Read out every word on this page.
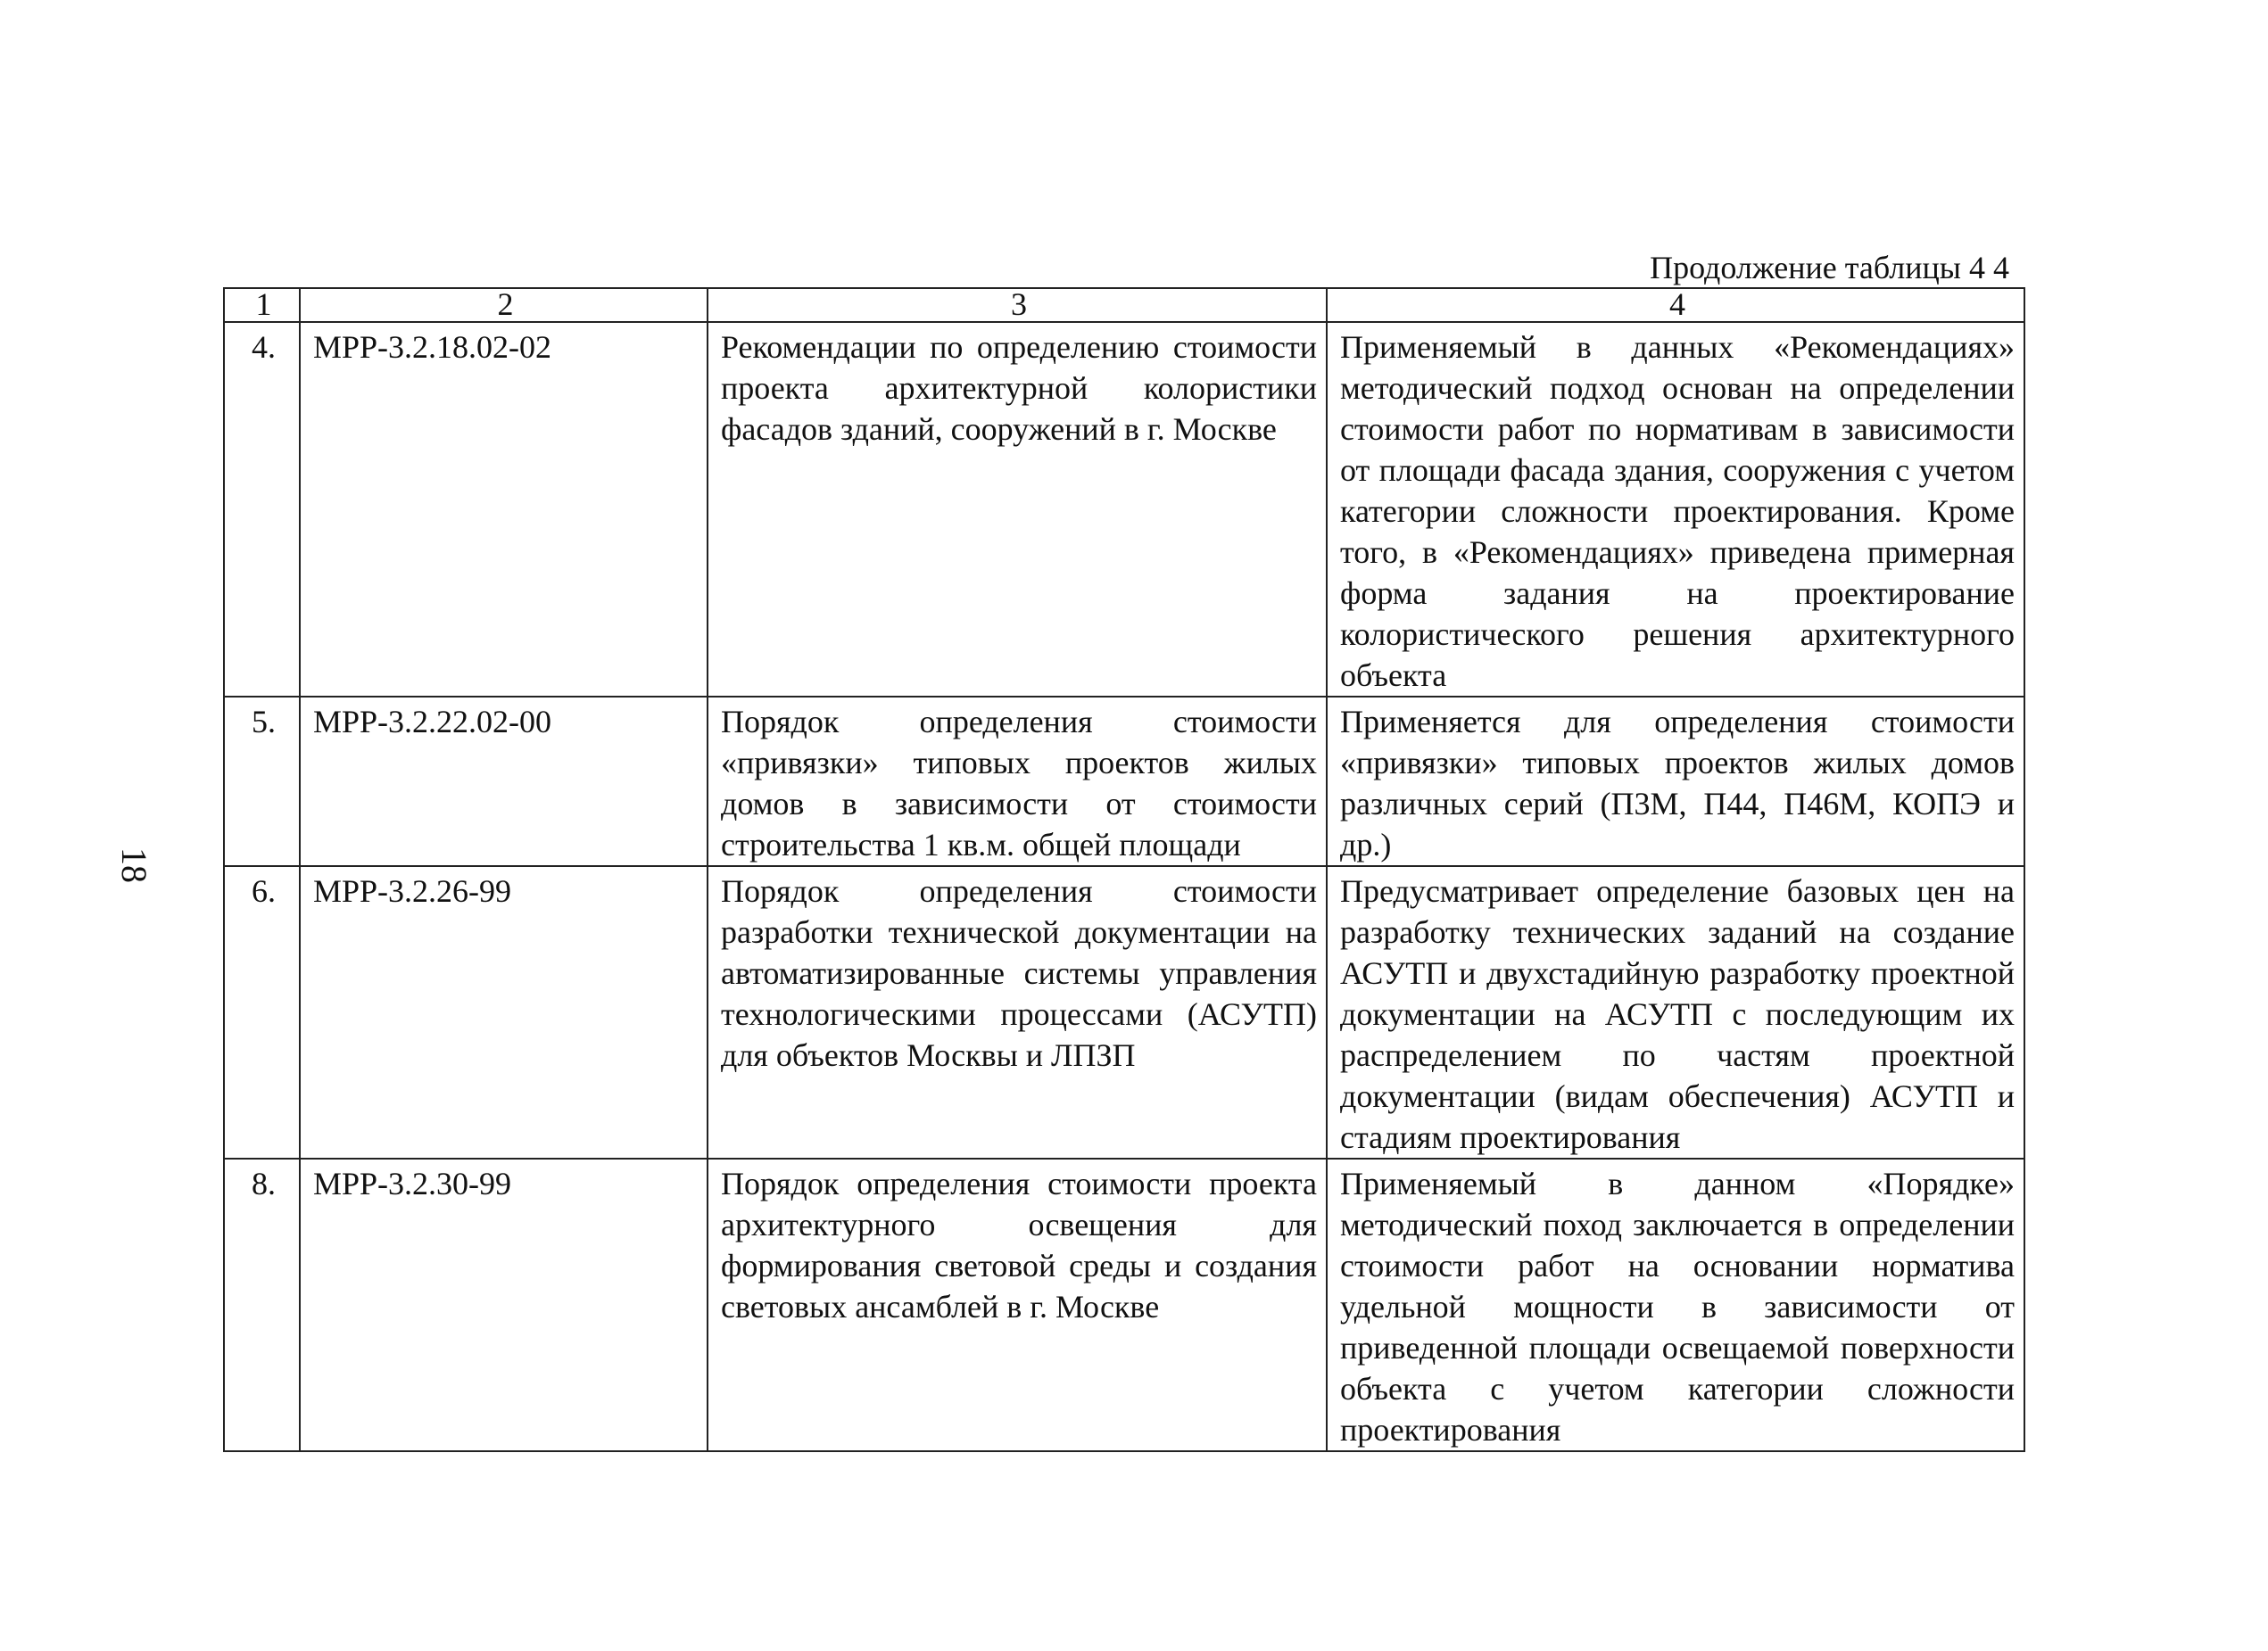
18
Продолжение таблицы 4 4
1	2	3	4
4.	МРР-3.2.18.02-02	Рекомендации по определению стоимости проекта архитектурной колористики фасадов зданий, сооружений в г. Москве	Применяемый в данных «Рекомендациях» методический подход основан на определении стоимости работ по нормативам в зависимости от площади фасада здания, сооружения с учетом категории сложности проектирования. Кроме того, в «Рекомендациях» приведена примерная форма задания на проектирование колористического решения архитектурного объекта
5.	МРР-3.2.22.02-00	Порядок определения стоимости «привязки» типовых проектов жилых домов в зависимости от стоимости строительства 1 кв.м. общей площади	Применяется для определения стоимости «привязки» типовых проектов жилых домов различных серий (П3М, П44, П46М, КОПЭ и др.)
6.	МРР-3.2.26-99	Порядок определения стоимости разработки технической документации на автоматизированные системы управления технологическими процессами (АСУТП) для объектов Москвы и ЛПЗП	Предусматривает определение базовых цен на разработку технических заданий на создание АСУТП и двухстадийную разработку проектной документации на АСУТП с последующим их распределением по частям проектной документации (видам обеспечения) АСУТП и стадиям проектирования
8.	МРР-3.2.30-99	Порядок определения стоимости проекта архитектурного освещения для формирования световой среды и создания световых ансамблей в г. Москве	Применяемый в данном «Порядке» методический поход заключается в определении стоимости работ на основании норматива удельной мощности в зависимости от приведенной площади освещаемой поверхности объекта с учетом категории сложности проектирования
